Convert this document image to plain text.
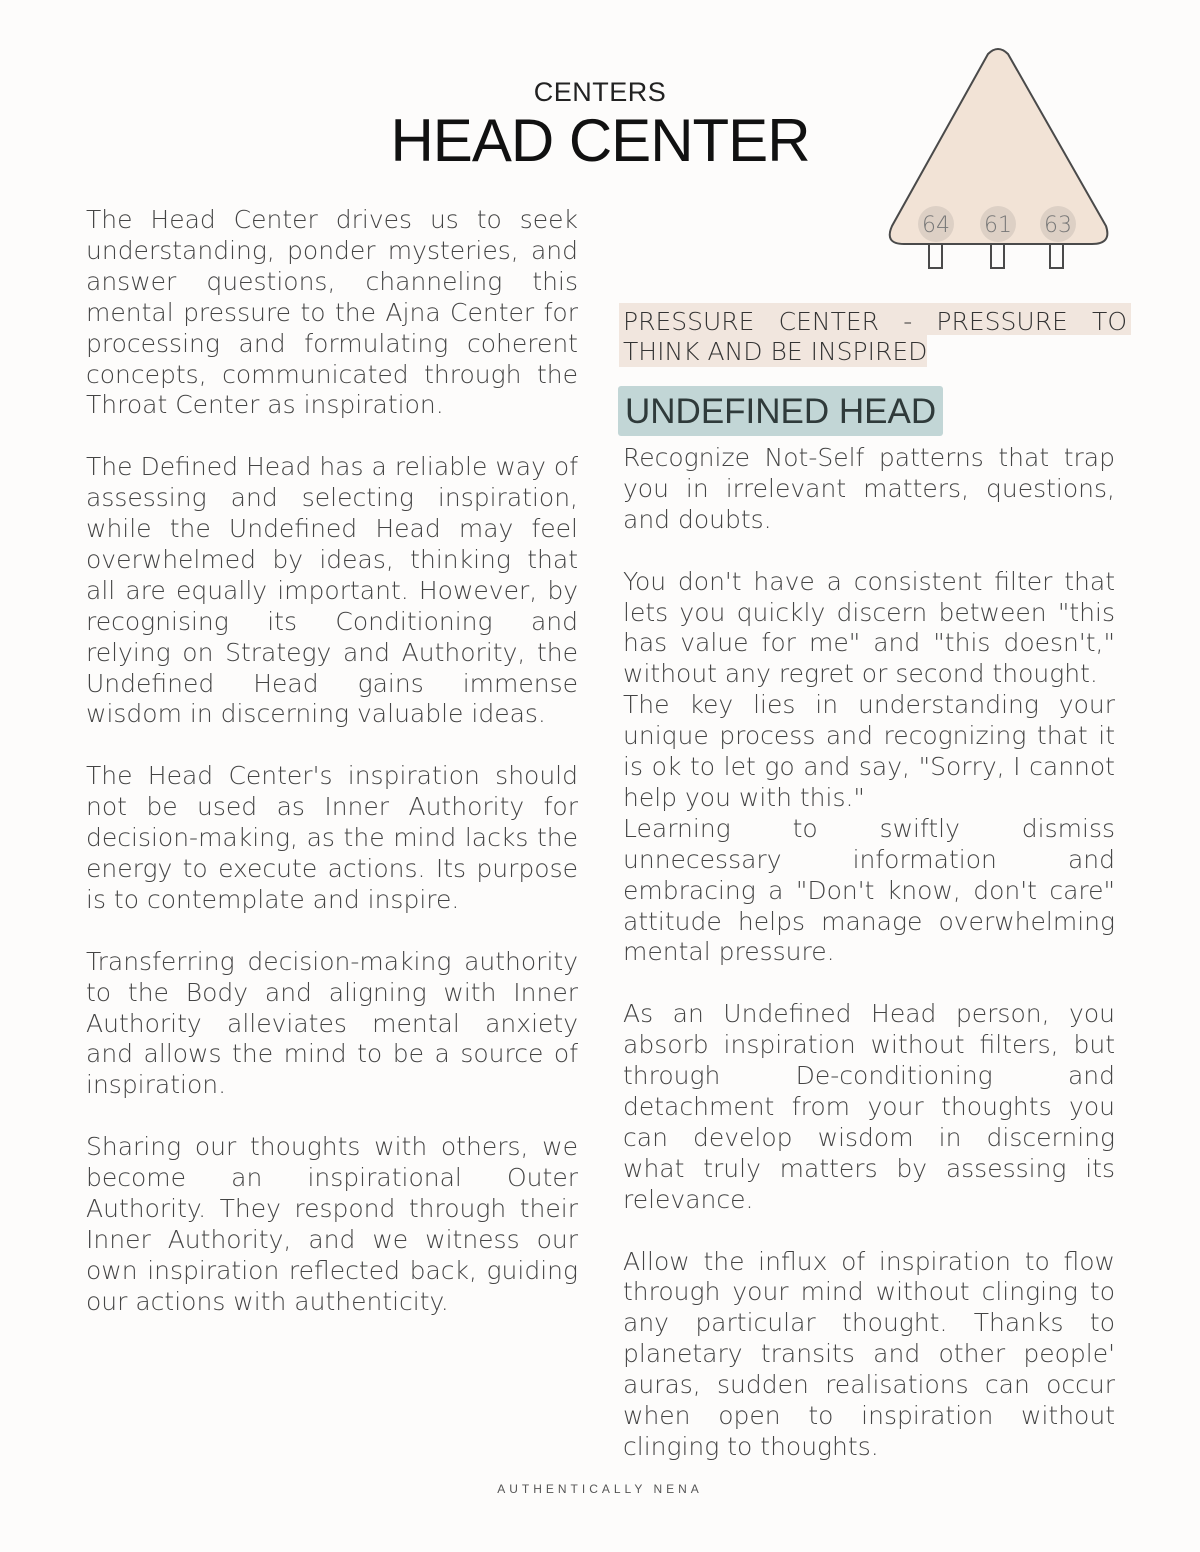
CENTERS
HEAD CENTER
64 61 63

The Head Center drives us to seek understanding, ponder mysteries, and answer questions, channeling this mental pressure to the Ajna Center for processing and formulating coherent concepts, communicated through the Throat Center as inspiration.

The Defined Head has a reliable way of assessing and selecting inspiration, while the Undefined Head may feel overwhelmed by ideas, thinking that all are equally important. However, by recognising its Conditioning and relying on Strategy and Authority, the Undefined Head gains immense wisdom in discerning valuable ideas.

The Head Center's inspiration should not be used as Inner Authority for decision-making, as the mind lacks the energy to execute actions. Its purpose is to contemplate and inspire.

Transferring decision-making authority to the Body and aligning with Inner Authority alleviates mental anxiety and allows the mind to be a source of inspiration.

Sharing our thoughts with others, we become an inspirational Outer Authority. They respond through their Inner Authority, and we witness our own inspiration reflected back, guiding our actions with authenticity.

PRESSURE CENTER - PRESSURE TO THINK AND BE INSPIRED
UNDEFINED HEAD

Recognize Not-Self patterns that trap you in irrelevant matters, questions, and doubts.

You don't have a consistent filter that lets you quickly discern between "this has value for me" and "this doesn't," without any regret or second thought.

The key lies in understanding your unique process and recognizing that it is ok to let go and say, "Sorry, I cannot help you with this."

Learning to swiftly dismiss unnecessary information and embracing a "Don't know, don't care" attitude helps manage overwhelming mental pressure.

As an Undefined Head person, you absorb inspiration without filters, but through De-conditioning and detachment from your thoughts you can develop wisdom in discerning what truly matters by assessing its relevance.

Allow the influx of inspiration to flow through your mind without clinging to any particular thought. Thanks to planetary transits and other people' auras, sudden realisations can occur when open to inspiration without clinging to thoughts.

AUTHENTICALLY NENA
